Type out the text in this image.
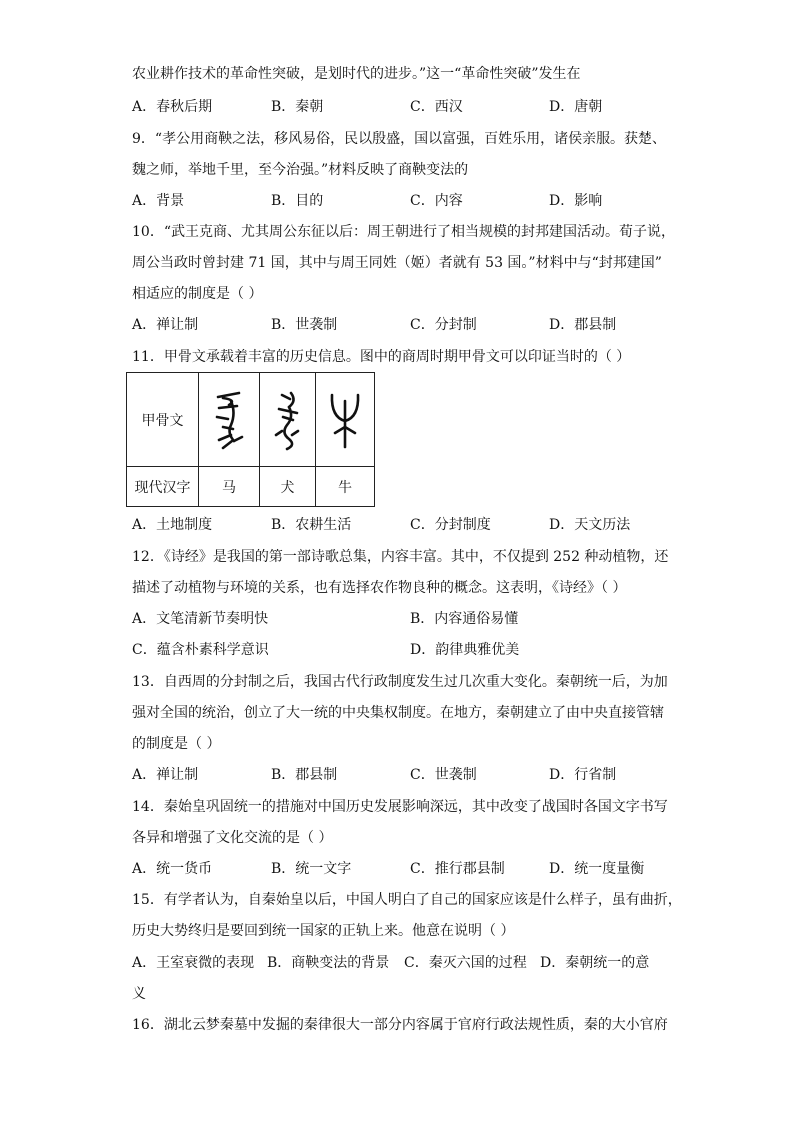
农业耕作技术的革命性突破，是划时代的进步。”这一“革命性突破”发生在
A．春秋后期	B．秦朝	C．西汉	D．唐朝
9．“孝公用商鞅之法，移风易俗，民以殷盛，国以富强，百姓乐用，诸侯亲服。获楚、
魏之师，举地千里，至今治强。”材料反映了商鞅变法的
A．背景	B．目的	C．内容	D．影响
10．“武王克商、尤其周公东征以后：周王朝进行了相当规模的封邦建国活动。荀子说，
周公当政时曾封建 71 国，其中与周王同姓（姬）者就有 53 国。”材料中与“封邦建国”
相适应的制度是（ ）
A．禅让制	B．世袭制	C．分封制	D．郡县制
11．甲骨文承载着丰富的历史信息。图中的商周时期甲骨文可以印证当时的（ ）
甲骨文	

现代汉字	马	犬	牛
A．土地制度	B．农耕生活	C．分封制度	D．天文历法
12．《诗经》是我国的第一部诗歌总集，内容丰富。其中，不仅提到 252 种动植物，还
描述了动植物与环境的关系，也有选择农作物良种的概念。这表明，《诗经》（ ）
A．文笔清新节奏明快	B．内容通俗易懂
C．蕴含朴素科学意识	D．韵律典雅优美
13．自西周的分封制之后，我国古代行政制度发生过几次重大变化。秦朝统一后，为加
强对全国的统治，创立了大一统的中央集权制度。在地方，秦朝建立了由中央直接管辖
的制度是（ ）
A．禅让制	B．郡县制	C．世袭制	D．行省制
14．秦始皇巩固统一的措施对中国历史发展影响深远，其中改变了战国时各国文字书写
各异和增强了文化交流的是（ ）
A．统一货币	B．统一文字	C．推行郡县制	D．统一度量衡
15．有学者认为，自秦始皇以后，中国人明白了自己的国家应该是什么样子，虽有曲折，
历史大势终归是要回到统一国家的正轨上来。他意在说明（ ）
A．王室衰微的表现 B．商鞅变法的背景 C．秦灭六国的过程 D．秦朝统一的意
义
16．湖北云梦秦墓中发掘的秦律很大一部分内容属于官府行政法规性质，秦的大小官府
